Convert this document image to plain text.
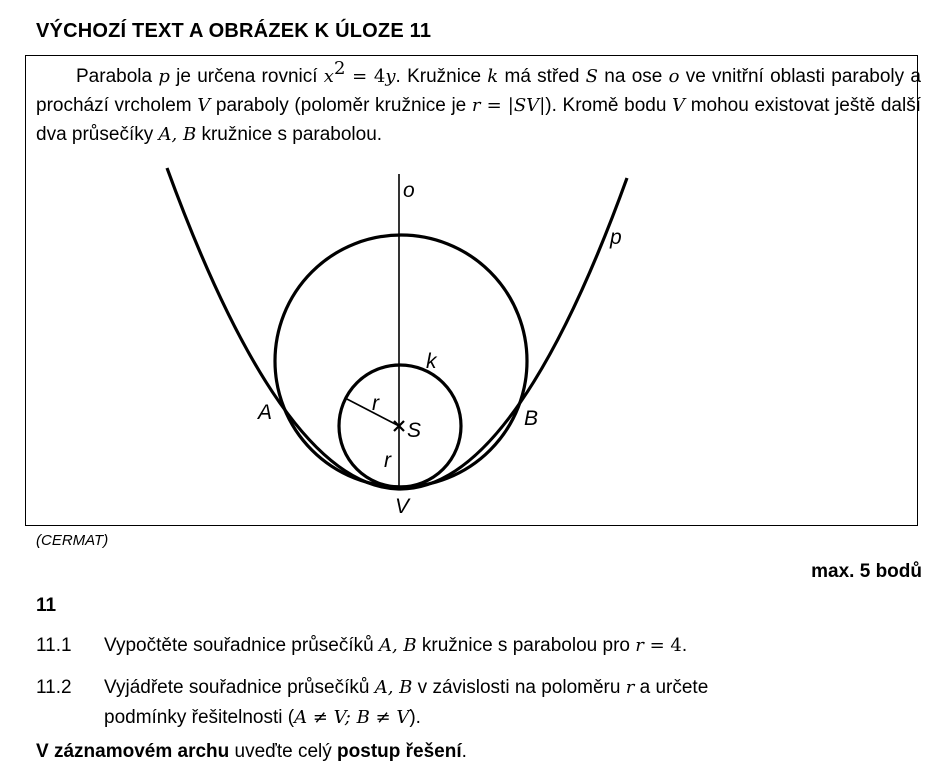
VÝCHOZÍ TEXT A OBRÁZEK K ÚLOZE 11
Parabola p je určena rovnicí $x^2 = 4y$. Kružnice k má střed S na ose o ve vnitřní oblasti paraboly a prochází vrcholem V paraboly (poloměr kružnice je r = |SV|). Kromě bodu V mohou existovat ještě další dva průsečíky A, B kružnice s parabolou.
o
p
k
r
S
r
A	B
V
(CERMAT)
max. 5 bodů
11
11.1 Vypočtěte souřadnice průsečíků A, B kružnice s parabolou pro r = 4.
11.2 Vyjádřete souřadnice průsečíků A, B v závislosti na poloměru r a určete
podmínky řešitelnosti (A ≠ V; B ≠ V).
V záznamovém archu uveďte celý postup řešení.
